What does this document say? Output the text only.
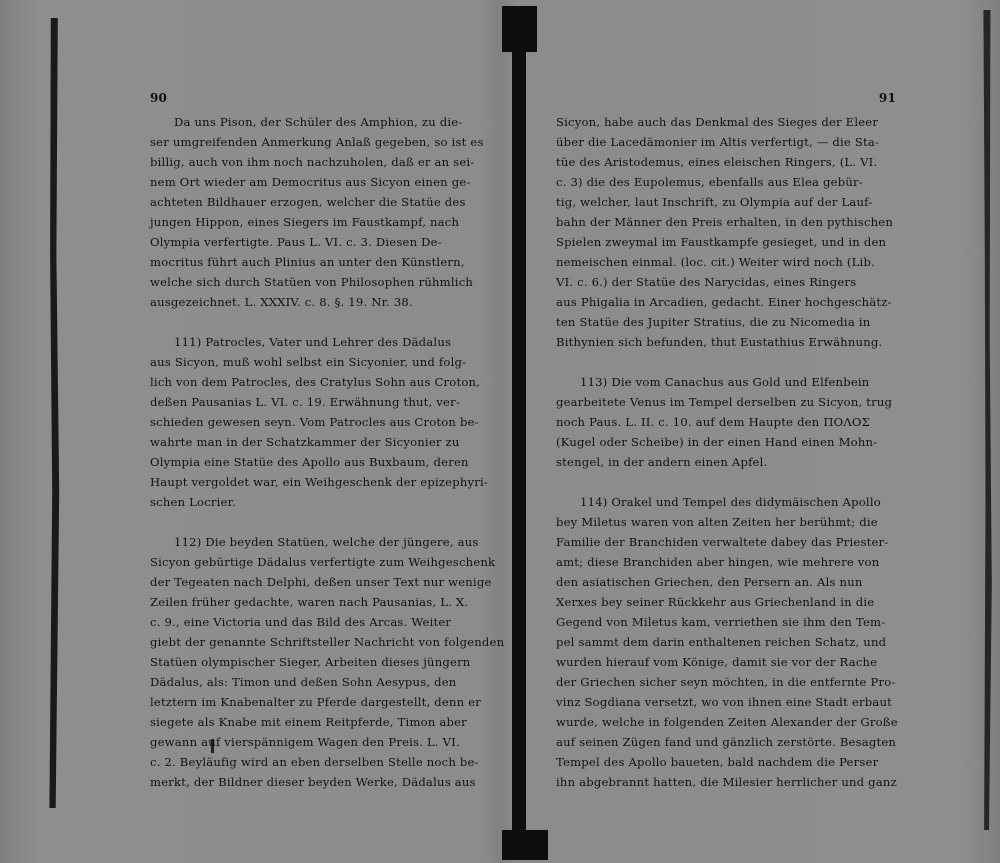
90
Da uns Pison, der Schüler des Amphion, zu die-
ser umgreifenden Anmerkung Anlaß gegeben, so ist es
billig, auch von ihm noch nachzuholen, daß er an sei-
nem Ort wieder am Democritus aus Sicyon einen ge-
achteten Bildhauer erzogen, welcher die Statüe des
jungen Hippon, eines Siegers im Faustkampf, nach
Olympia verfertigte. Paus L. VI. c. 3. Diesen De-
mocritus führt auch Plinius an unter den Künstlern,
welche sich durch Statüen von Philosophen rühmlich
ausgezeichnet. L. XXXIV. c. 8. §. 19. Nr. 38.
111) Patrocles, Vater und Lehrer des Dädalus
aus Sicyon, muß wohl selbst ein Sicyonier, und folg-
lich von dem Patrocles, des Cratylus Sohn aus Croton,
deßen Pausanias L. VI. c. 19. Erwähnung thut, ver-
schieden gewesen seyn. Vom Patrocles aus Croton be-
wahrte man in der Schatzkammer der Sicyonier zu
Olympia eine Statüe des Apollo aus Buxbaum, deren
Haupt vergoldet war, ein Weihgeschenk der epizephyri-
schen Locrier.
112) Die beyden Statüen, welche der jüngere, aus
Sicyon gebürtige Dädalus verfertigte zum Weihgeschenk
der Tegeaten nach Delphi, deßen unser Text nur wenige
Zeilen früher gedachte, waren nach Pausanias, L. X.
c. 9., eine Victoria und das Bild des Arcas. Weiter
giebt der genannte Schriftsteller Nachricht von folgenden
Statüen olympischer Sieger, Arbeiten dieses jüngern
Dädalus, als: Timon und deßen Sohn Aesypus, den
letztern im Knabenalter zu Pferde dargestellt, denn er
siegete als Knabe mit einem Reitpferde, Timon aber
gewann auf vierspännigem Wagen den Preis. L. VI.
c. 2. Beyläufig wird an eben derselben Stelle noch be-
merkt, der Bildner dieser beyden Werke, Dädalus aus
91
Sicyon, habe auch das Denkmal des Sieges der Eleer
über die Lacedämonier im Altis verfertigt, — die Sta-
tüe des Aristodemus, eines eleischen Ringers, (L. VI.
c. 3) die des Eupolemus, ebenfalls aus Elea gebür-
tig, welcher, laut Inschrift, zu Olympia auf der Lauf-
bahn der Männer den Preis erhalten, in den pythischen
Spielen zweymal im Faustkampfe gesieget, und in den
nemeischen einmal. (loc. cit.) Weiter wird noch (Lib.
VI. c. 6.) der Statüe des Narycidas, eines Ringers
aus Phigalia in Arcadien, gedacht. Einer hochgeschätz-
ten Statüe des Jupiter Stratius, die zu Nicomedia in
Bithynien sich befunden, thut Eustathius Erwähnung.
113) Die vom Canachus aus Gold und Elfenbein
gearbeitete Venus im Tempel derselben zu Sicyon, trug
noch Paus. L. II. c. 10. auf dem Haupte den ΠΟΛΟΣ
(Kugel oder Scheibe) in der einen Hand einen Mohn-
stengel, in der andern einen Apfel.
114) Orakel und Tempel des didymäischen Apollo
bey Miletus waren von alten Zeiten her berühmt; die
Familie der Branchiden verwaltete dabey das Priester-
amt; diese Branchiden aber hingen, wie mehrere von
den asiatischen Griechen, den Persern an. Als nun
Xerxes bey seiner Rückkehr aus Griechenland in die
Gegend von Miletus kam, verriethen sie ihm den Tem-
pel sammt dem darin enthaltenen reichen Schatz, und
wurden hierauf vom Könige, damit sie vor der Rache
der Griechen sicher seyn möchten, in die entfernte Pro-
vinz Sogdiana versetzt, wo von ihnen eine Stadt erbaut
wurde, welche in folgenden Zeiten Alexander der Große
auf seinen Zügen fand und gänzlich zerstörte. Besagten
Tempel des Apollo baueten, bald nachdem die Perser
ihn abgebrannt hatten, die Milesier herrlicher und ganz
